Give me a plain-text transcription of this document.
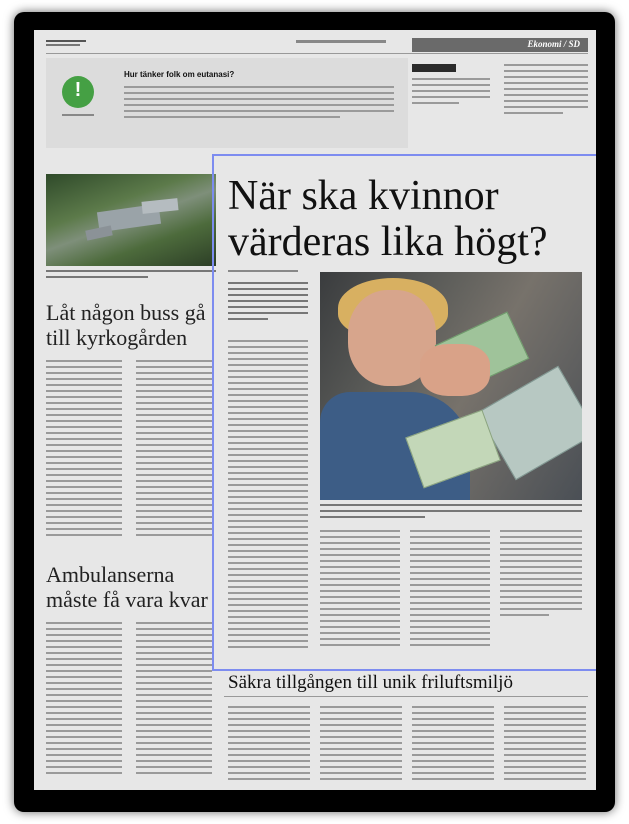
Ekonomi / SD
!
Hur tänker folk om eutanasi?
Låt någon buss gå till kyrkogården
Ambulanserna måste få vara kvar
När ska kvinnor värderas lika högt?
Säkra tillgången till unik friluftsmiljö
